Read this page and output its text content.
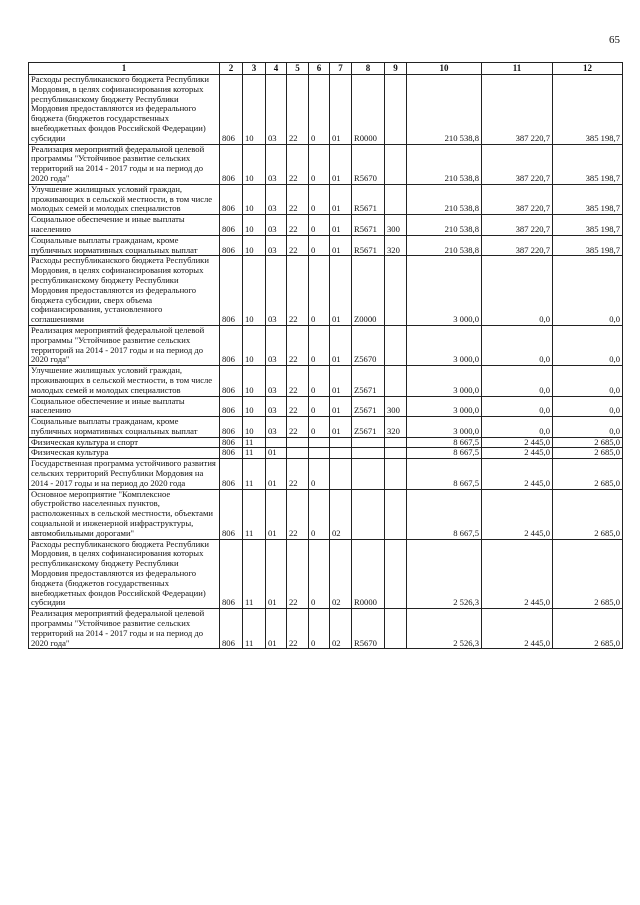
65
1	2	3	4	5	6	7	8	9	10	11	12
Расходы республиканского бюджета Республики Мордовия, в целях софинансирования которых республиканскому бюджету Республики Мордовия предоставляются из федерального бюджета (бюджетов государственных внебюджетных фондов Российской Федерации) субсидии	806	10	03	22	0	01	R0000		210 538,8	387 220,7	385 198,7
Реализация мероприятий федеральной целевой программы "Устойчивое развитие сельских территорий на 2014 - 2017 годы и на период до 2020 года"	806	10	03	22	0	01	R5670		210 538,8	387 220,7	385 198,7
Улучшение жилищных условий граждан, проживающих в сельской местности, в том числе молодых семей и молодых специалистов	806	10	03	22	0	01	R5671		210 538,8	387 220,7	385 198,7
Социальное обеспечение и иные выплаты населению	806	10	03	22	0	01	R5671	300	210 538,8	387 220,7	385 198,7
Социальные выплаты гражданам, кроме публичных нормативных социальных выплат	806	10	03	22	0	01	R5671	320	210 538,8	387 220,7	385 198,7
Расходы республиканского бюджета Республики Мордовия, в целях софинансирования которых республиканскому бюджету Республики Мордовия предоставляются из федерального бюджета субсидии, сверх объема софинансирования, установленного соглашениями	806	10	03	22	0	01	Z0000		3 000,0	0,0	0,0
Реализация мероприятий федеральной целевой программы "Устойчивое развитие сельских территорий на 2014 - 2017 годы и на период до 2020 года"	806	10	03	22	0	01	Z5670		3 000,0	0,0	0,0
Улучшение жилищных условий граждан, проживающих в сельской местности, в том числе молодых семей и молодых специалистов	806	10	03	22	0	01	Z5671		3 000,0	0,0	0,0
Социальное обеспечение и иные выплаты населению	806	10	03	22	0	01	Z5671	300	3 000,0	0,0	0,0
Социальные выплаты гражданам, кроме публичных нормативных социальных выплат	806	10	03	22	0	01	Z5671	320	3 000,0	0,0	0,0
Физическая культура и спорт	806	11							8 667,5	2 445,0	2 685,0
Физическая культура	806	11	01						8 667,5	2 445,0	2 685,0
Государственная программа устойчивого развития сельских территорий Республики Мордовия на 2014 - 2017 годы и на период до 2020 года	806	11	01	22	0				8 667,5	2 445,0	2 685,0
Основное мероприятие "Комплексное обустройство населенных пунктов, расположенных в сельской местности, объектами социальной и инженерной инфраструктуры, автомобильными дорогами"	806	11	01	22	0	02			8 667,5	2 445,0	2 685,0
Расходы республиканского бюджета Республики Мордовия, в целях софинансирования которых республиканскому бюджету Республики Мордовия предоставляются из федерального бюджета (бюджетов государственных внебюджетных фондов Российской Федерации) субсидии	806	11	01	22	0	02	R0000		2 526,3	2 445,0	2 685,0
Реализация мероприятий федеральной целевой программы "Устойчивое развитие сельских территорий на 2014 - 2017 годы и на период до 2020 года"	806	11	01	22	0	02	R5670		2 526,3	2 445,0	2 685,0
